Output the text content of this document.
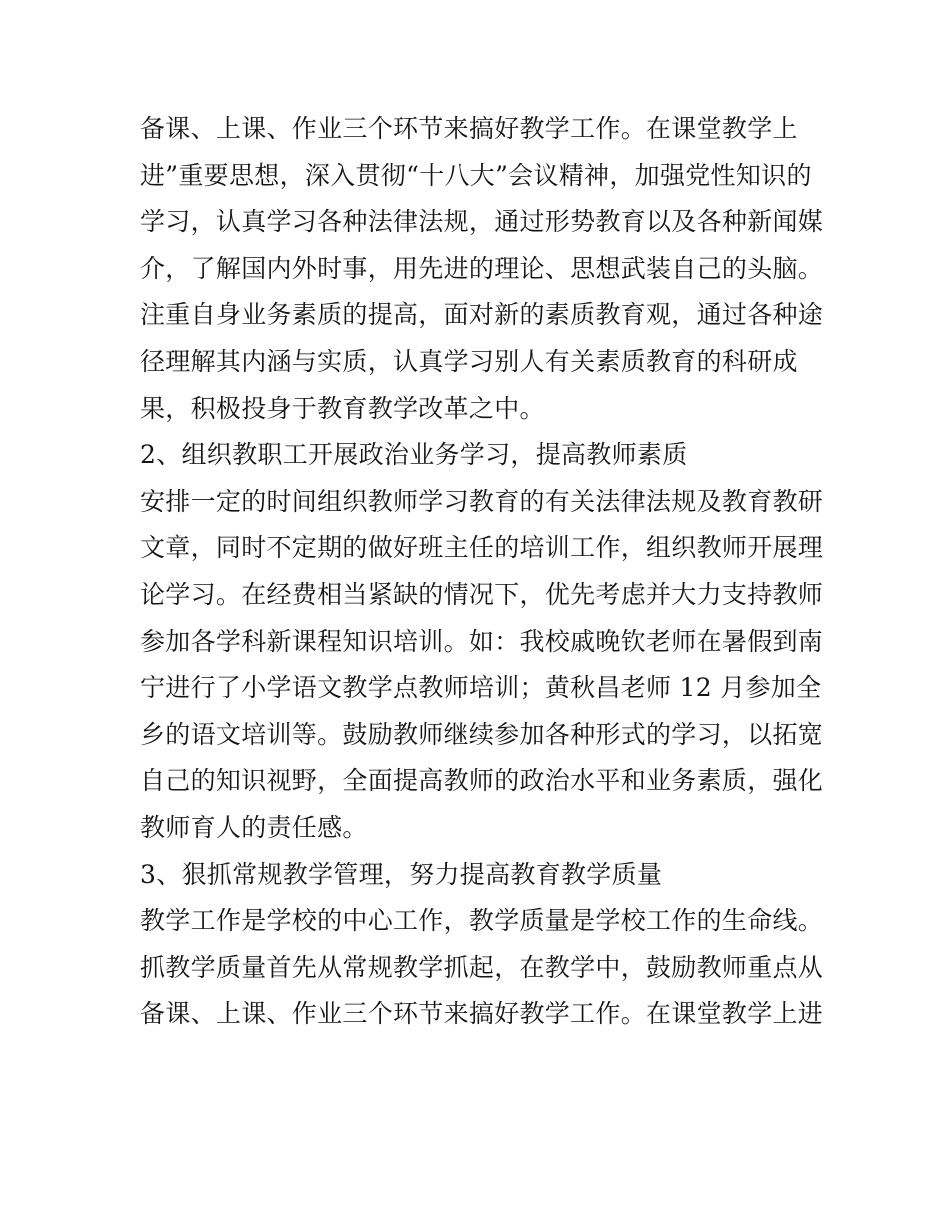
备课、上课、作业三个环节来搞好教学工作。在课堂教学上
进”重要思想，深入贯彻“十八大”会议精神，加强党性知识的
学习，认真学习各种法律法规，通过形势教育以及各种新闻媒
介，了解国内外时事，用先进的理论、思想武装自己的头脑。
注重自身业务素质的提高，面对新的素质教育观，通过各种途
径理解其内涵与实质，认真学习别人有关素质教育的科研成
果，积极投身于教育教学改革之中。
2、组织教职工开展政治业务学习，提高教师素质
安排一定的时间组织教师学习教育的有关法律法规及教育教研
文章，同时不定期的做好班主任的培训工作，组织教师开展理
论学习。在经费相当紧缺的情况下，优先考虑并大力支持教师
参加各学科新课程知识培训。如：我校戚晚钦老师在暑假到南
宁进行了小学语文教学点教师培训；黄秋昌老师 12 月参加全
乡的语文培训等。鼓励教师继续参加各种形式的学习，以拓宽
自己的知识视野，全面提高教师的政治水平和业务素质，强化
教师育人的责任感。
3、狠抓常规教学管理，努力提高教育教学质量
教学工作是学校的中心工作，教学质量是学校工作的生命线。
抓教学质量首先从常规教学抓起，在教学中，鼓励教师重点从
备课、上课、作业三个环节来搞好教学工作。在课堂教学上进
